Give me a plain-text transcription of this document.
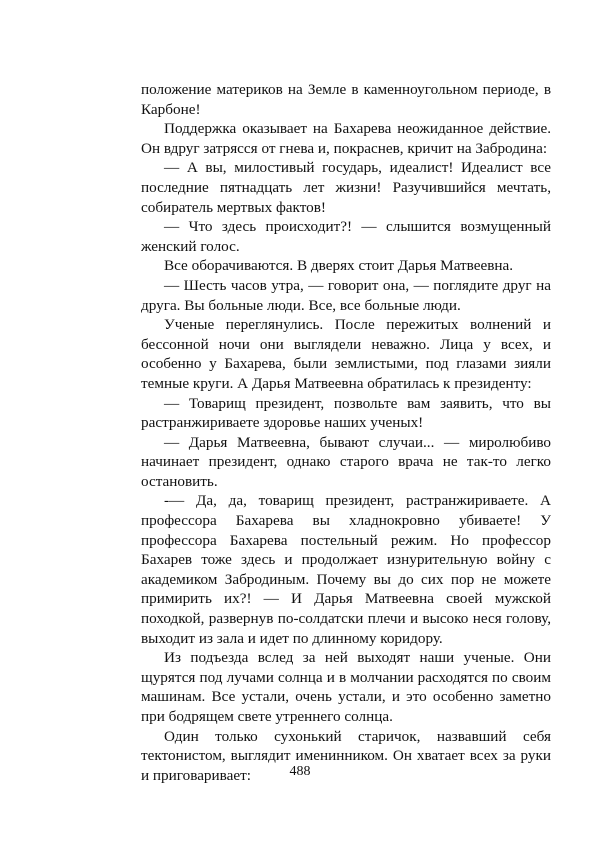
положение материков на Земле в каменноугольном периоде, в Карбоне!

Поддержка оказывает на Бахарева неожиданное действие. Он вдруг затрясся от гнева и, покраснев, кричит на Забродина:

— А вы, милостивый государь, идеалист! Идеалист все последние пятнадцать лет жизни! Разучившийся мечтать, собиратель мертвых фактов!

— Что здесь происходит?! — слышится возмущенный женский голос.

Все оборачиваются. В дверях стоит Дарья Матвеевна.

— Шесть часов утра, — говорит она, — поглядите друг на друга. Вы больные люди. Все, все больные люди.

Ученые переглянулись. После пережитых волнений и бессонной ночи они выглядели неважно. Лица у всех, и особенно у Бахарева, были землистыми, под глазами зияли темные круги. А Дарья Матвеевна обратилась к президенту:

— Товарищ президент, позвольте вам заявить, что вы растранжириваете здоровье наших ученых!

— Дарья Матвеевна, бывают случаи... — миролюбиво начинает президент, однако старого врача не так-то легко остановить.

-— Да, да, товарищ президент, растранжириваете. А профессора Бахарева вы хладнокровно убиваете! У профессора Бахарева постельный режим. Но профессор Бахарев тоже здесь и продолжает изнурительную войну с академиком Забродиным. Почему вы до сих пор не можете примирить их?! — И Дарья Матвеевна своей мужской походкой, развернув по-солдатски плечи и высоко неся голову, выходит из зала и идет по длинному коридору.

Из подъезда вслед за ней выходят наши ученые. Они щурятся под лучами солнца и в молчании расходятся по своим машинам. Все устали, очень устали, и это особенно заметно при бодрящем свете утреннего солнца.

Один только сухонький старичок, назвавший себя тектонистом, выглядит именинником. Он хватает всех за руки и приговаривает:	488
